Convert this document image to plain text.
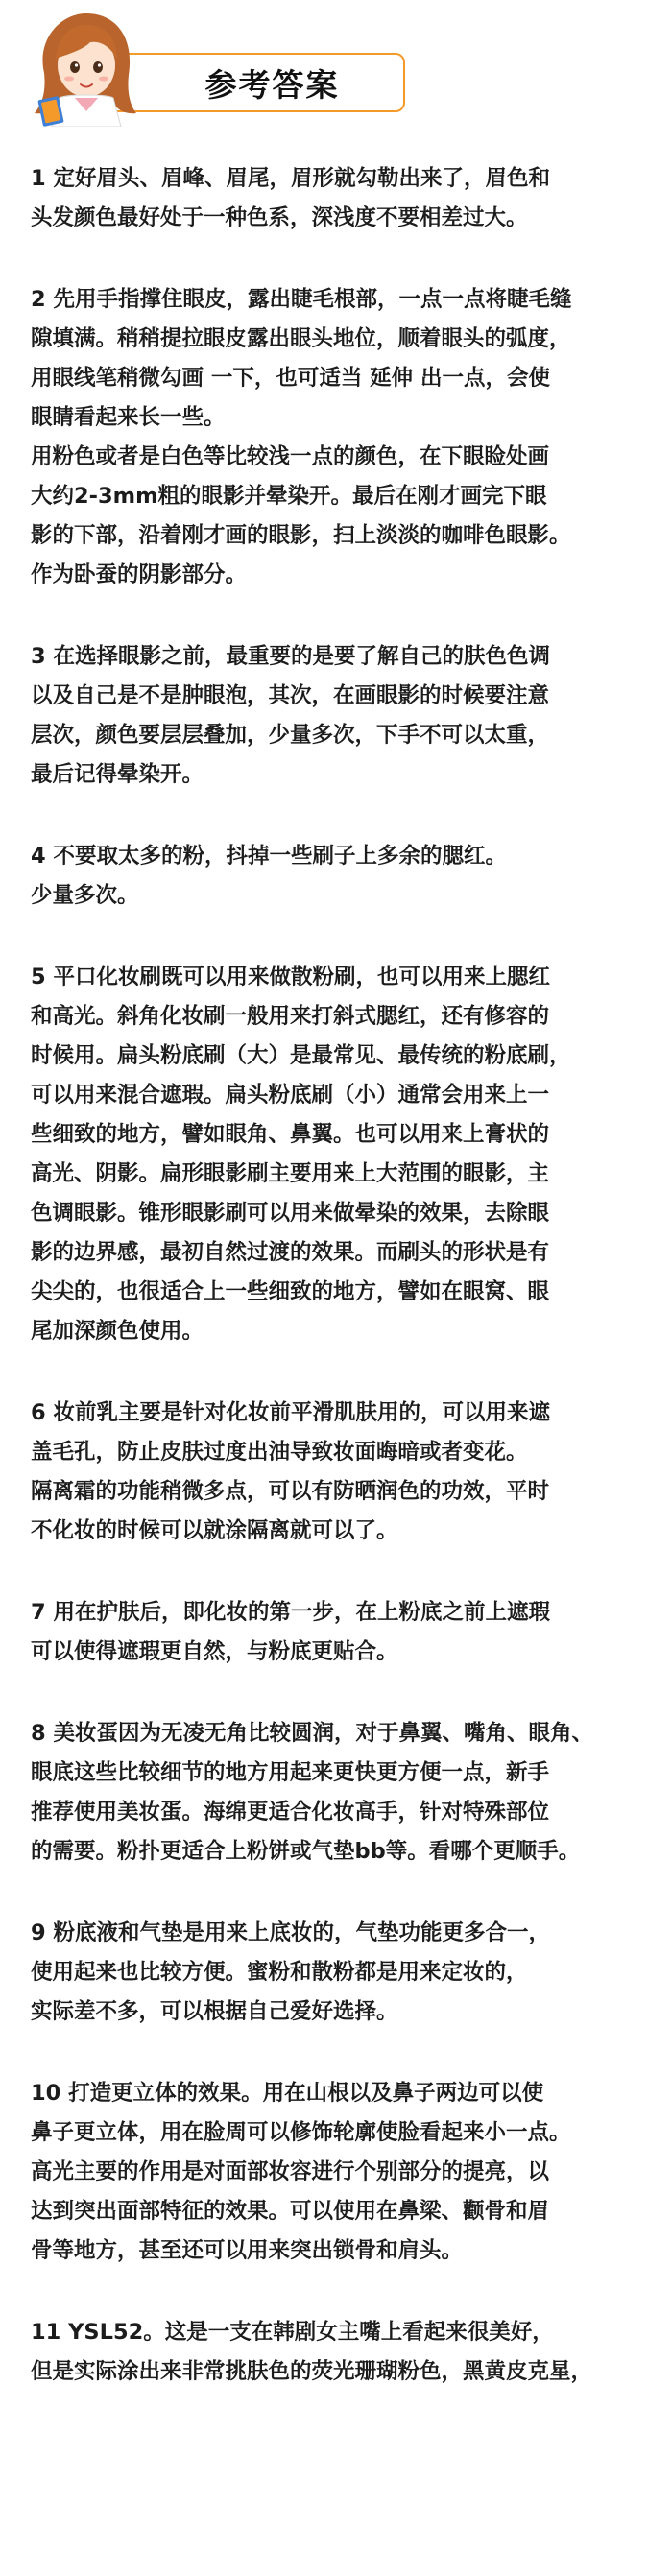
参考答案

1 定好眉头、眉峰、眉尾，眉形就勾勒出来了，眉色和
头发颜色最好处于一种色系，深浅度不要相差过大。

2 先用手指撑住眼皮，露出睫毛根部，一点一点将睫毛缝
隙填满。稍稍提拉眼皮露出眼头地位，顺着眼头的弧度，
用眼线笔稍微勾画 一下，也可适当 延伸 出一点，会使
眼睛看起来长一些。

用粉色或者是白色等比较浅一点的颜色，在下眼睑处画
大约2-3mm粗的眼影并晕染开。最后在刚才画完下眼
影的下部，沿着刚才画的眼影，扫上淡淡的咖啡色眼影。
作为卧蚕的阴影部分。

3 在选择眼影之前，最重要的是要了解自己的肤色色调
以及自己是不是肿眼泡，其次，在画眼影的时候要注意
层次，颜色要层层叠加，少量多次，下手不可以太重，
最后记得晕染开。

4 不要取太多的粉，抖掉一些刷子上多余的腮红。
少量多次。

5 平口化妆刷既可以用来做散粉刷，也可以用来上腮红
和高光。斜角化妆刷一般用来打斜式腮红，还有修容的
时候用。扁头粉底刷（大）是最常见、最传统的粉底刷，
可以用来混合遮瑕。扁头粉底刷（小）通常会用来上一
些细致的地方，譬如眼角、鼻翼。也可以用来上膏状的
高光、阴影。扁形眼影刷主要用来上大范围的眼影，主
色调眼影。锥形眼影刷可以用来做晕染的效果，去除眼
影的边界感，最初自然过渡的效果。而刷头的形状是有
尖尖的，也很适合上一些细致的地方，譬如在眼窝、眼
尾加深颜色使用。

6 妆前乳主要是针对化妆前平滑肌肤用的，可以用来遮
盖毛孔，防止皮肤过度出油导致妆面晦暗或者变花。
隔离霜的功能稍微多点，可以有防晒润色的功效，平时
不化妆的时候可以就涂隔离就可以了。

7 用在护肤后，即化妆的第一步，在上粉底之前上遮瑕
可以使得遮瑕更自然，与粉底更贴合。

8 美妆蛋因为无凌无角比较圆润，对于鼻翼、嘴角、眼角、
眼底这些比较细节的地方用起来更快更方便一点，新手
推荐使用美妆蛋。海绵更适合化妆高手，针对特殊部位
的需要。粉扑更适合上粉饼或气垫bb等。看哪个更顺手。

9 粉底液和气垫是用来上底妆的，气垫功能更多合一，
使用起来也比较方便。蜜粉和散粉都是用来定妆的，
实际差不多，可以根据自己爱好选择。

10 打造更立体的效果。用在山根以及鼻子两边可以使
鼻子更立体，用在脸周可以修饰轮廓使脸看起来小一点。
高光主要的作用是对面部妆容进行个别部分的提亮，以
达到突出面部特征的效果。可以使用在鼻梁、颧骨和眉
骨等地方，甚至还可以用来突出锁骨和肩头。

11 YSL52。这是一支在韩剧女主嘴上看起来很美好，
但是实际涂出来非常挑肤色的荧光珊瑚粉色，黑黄皮克星，
